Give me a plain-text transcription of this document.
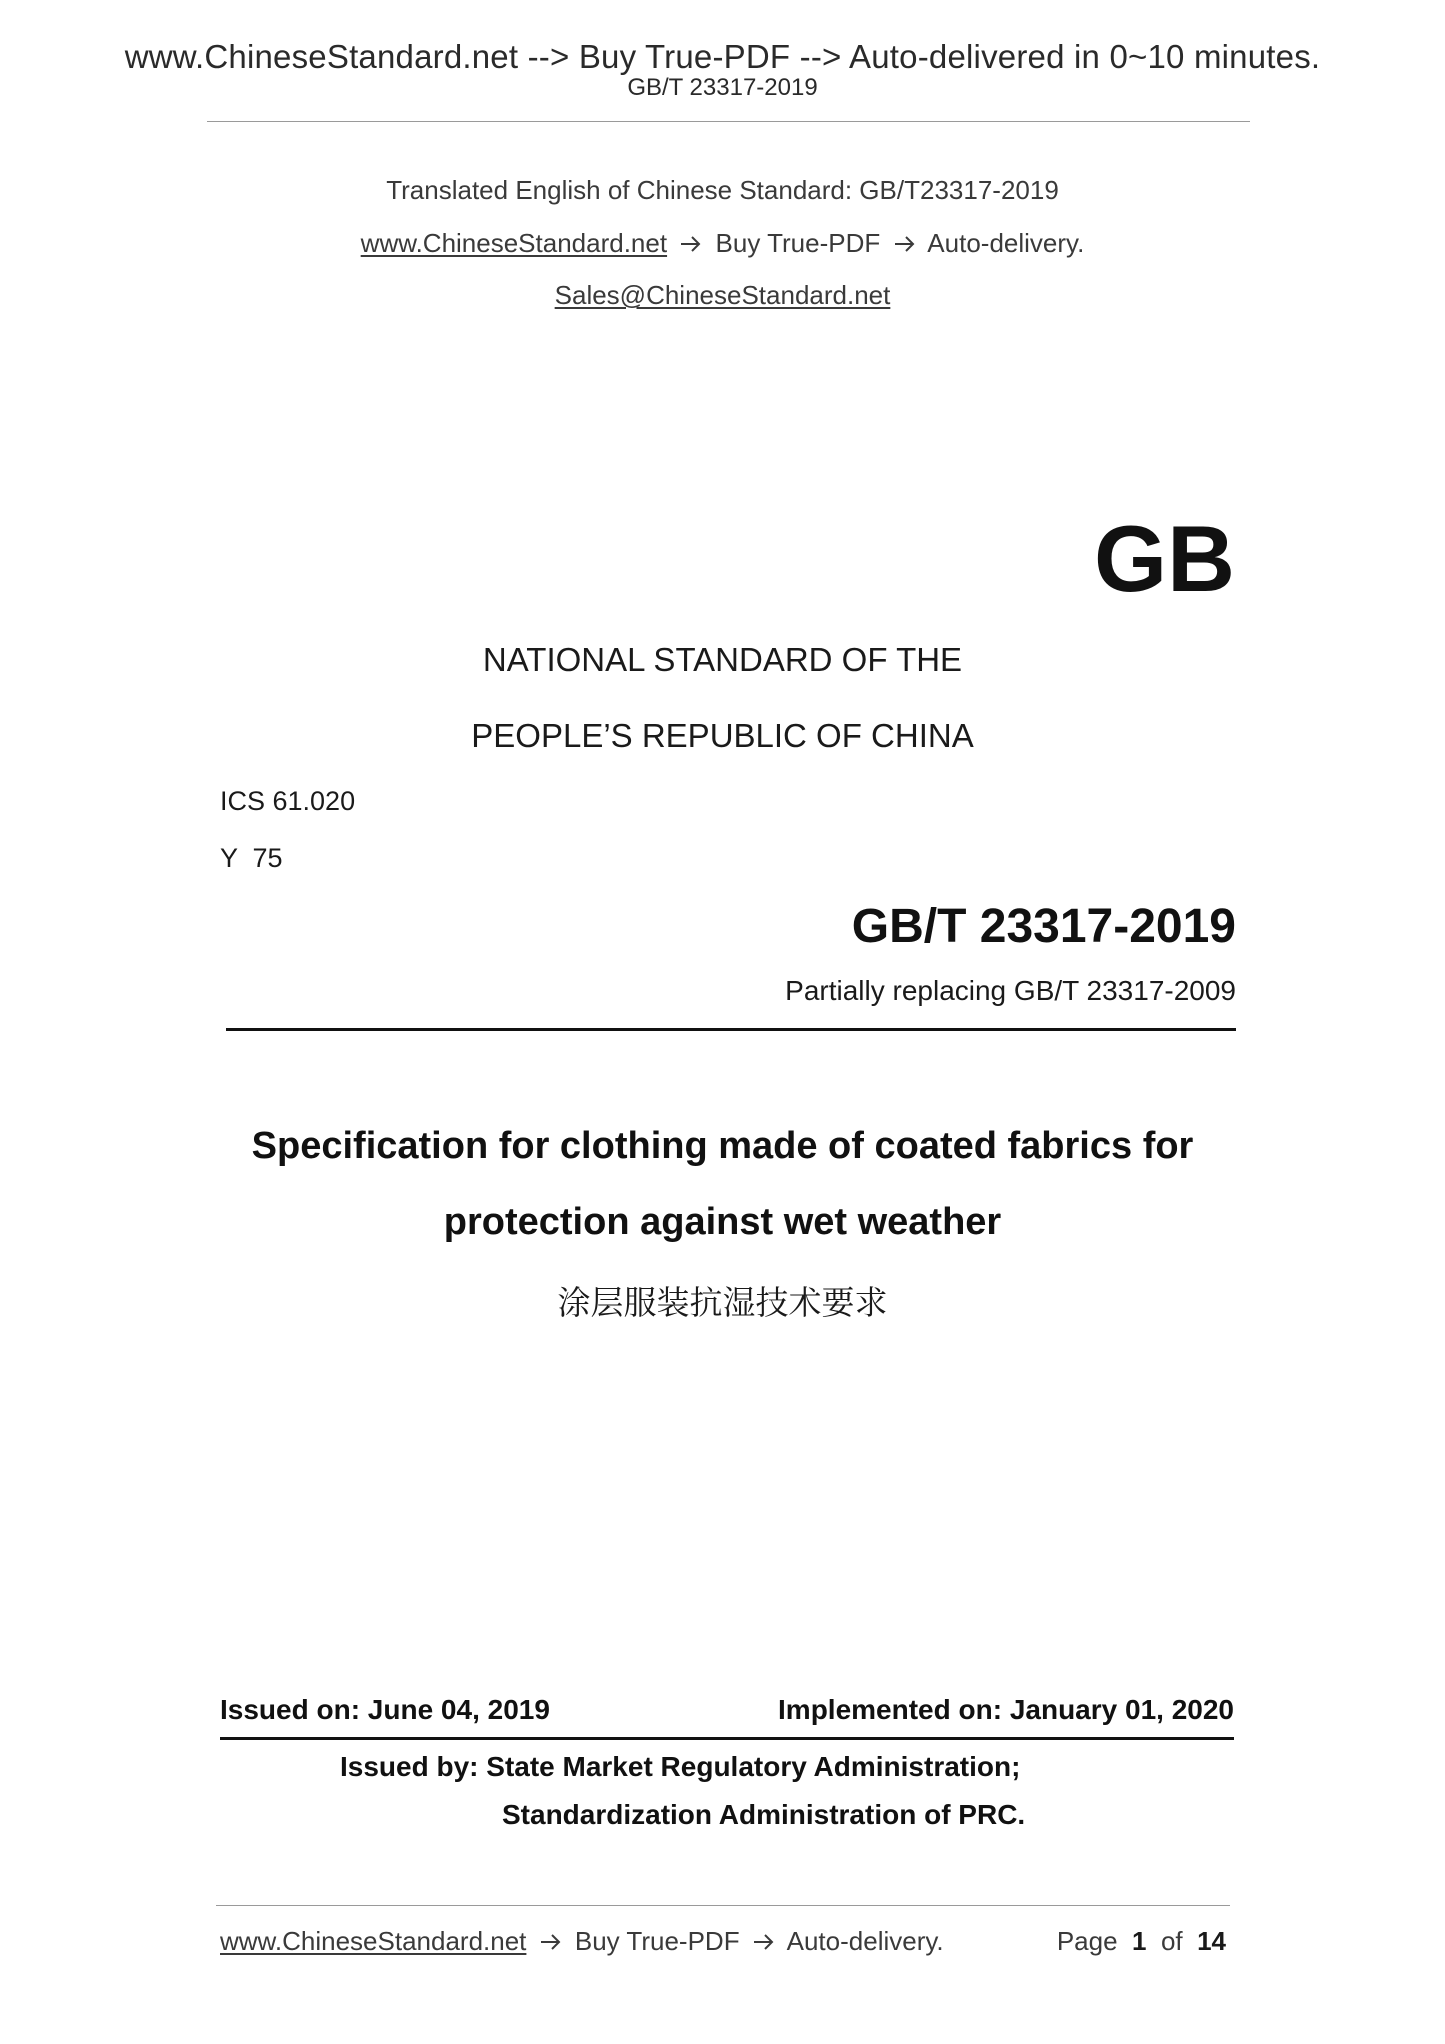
www.ChineseStandard.net --> Buy True-PDF --> Auto-delivered in 0~10 minutes.
GB/T 23317-2019
Translated English of Chinese Standard: GB/T23317-2019
www.ChineseStandard.net Buy True-PDF Auto-delivery.
Sales@ChineseStandard.net
GB
NATIONAL STANDARD OF THE
PEOPLE’S REPUBLIC OF CHINA
ICS 61.020
Y  75
GB/T 23317-2019
Partially replacing GB/T 23317-2009
Specification for clothing made of coated fabrics for
protection against wet weather
涂层服装抗湿技术要求
Issued on: June 04, 2019	Implemented on: January 01, 2020
Issued by: State Market Regulatory Administration;
Standardization Administration of PRC.
www.ChineseStandard.net Buy True-PDF Auto-delivery.	Page 1 of 14
